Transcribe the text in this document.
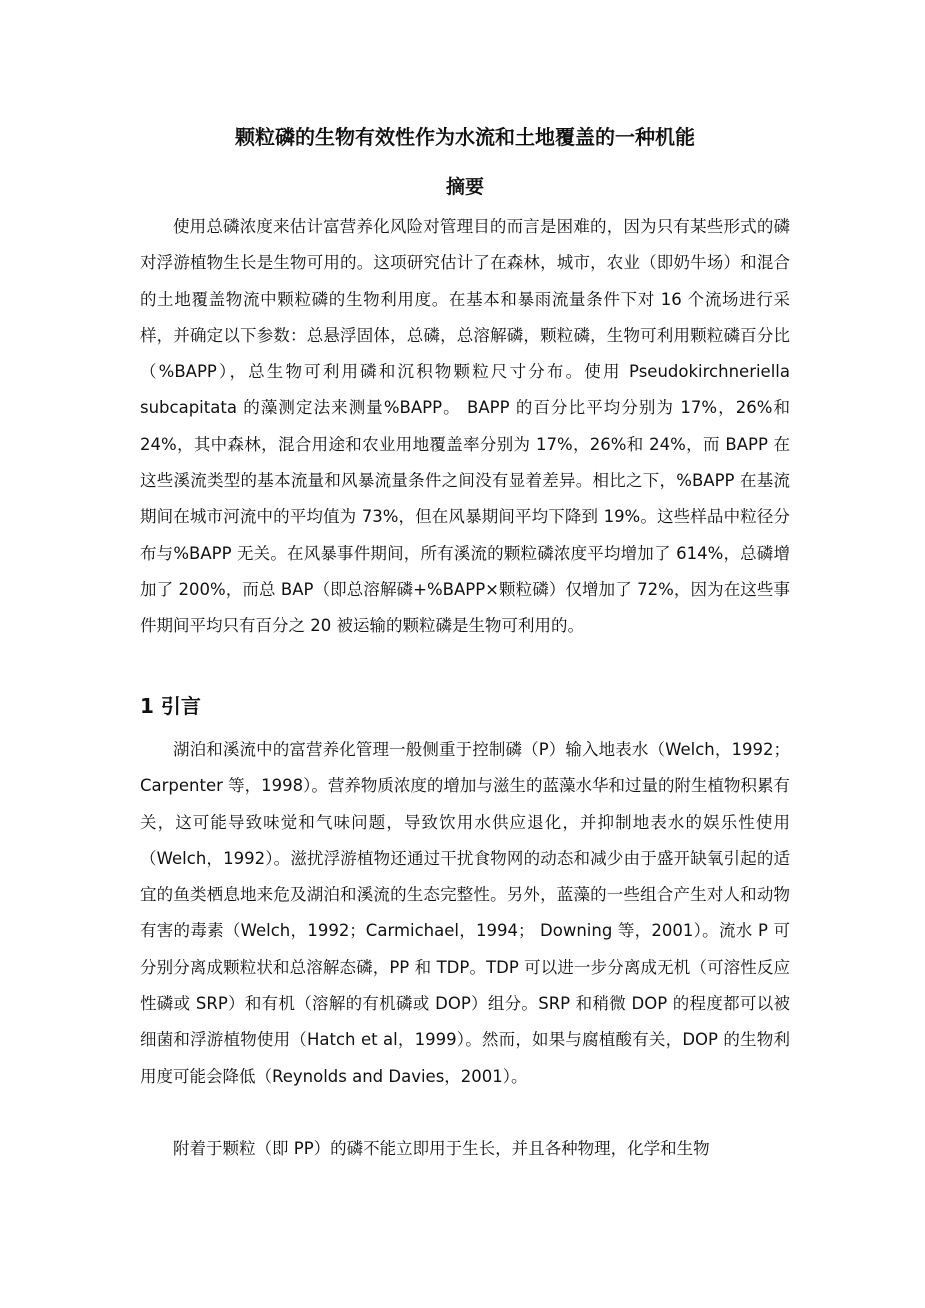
颗粒磷的生物有效性作为水流和土地覆盖的一种机能
摘要

使用总磷浓度来估计富营养化风险对管理目的而言是困难的，因为只有某些形式的磷对浮游植物生长是生物可用的。这项研究估计了在森林，城市，农业（即奶牛场）和混合的土地覆盖物流中颗粒磷的生物利用度。在基本和暴雨流量条件下对 16 个流场进行采样，并确定以下参数：总悬浮固体，总磷，总溶解磷，颗粒磷，生物可利用颗粒磷百分比（%BAPP），总生物可利用磷和沉积物颗粒尺寸分布。使用 Pseudokirchneriella subcapitata 的藻测定法来测量%BAPP。 BAPP 的百分比平均分别为 17%，26%和 24%，其中森林，混合用途和农业用地覆盖率分别为 17%，26%和 24%，而 BAPP 在这些溪流类型的基本流量和风暴流量条件之间没有显着差异。相比之下，%BAPP 在基流期间在城市河流中的平均值为 73%，但在风暴期间平均下降到 19%。这些样品中粒径分布与%BAPP 无关。在风暴事件期间，所有溪流的颗粒磷浓度平均增加了 614%，总磷增加了 200%，而总 BAP（即总溶解磷+%BAPP×颗粒磷）仅增加了 72%，因为在这些事件期间平均只有百分之 20 被运输的颗粒磷是生物可利用的。

1 引言

湖泊和溪流中的富营养化管理一般侧重于控制磷（P）输入地表水（Welch，1992；Carpenter 等，1998）。营养物质浓度的增加与滋生的蓝藻水华和过量的附生植物积累有关，这可能导致味觉和气味问题，导致饮用水供应退化，并抑制地表水的娱乐性使用（Welch，1992）。滋扰浮游植物还通过干扰食物网的动态和减少由于盛开缺氧引起的适宜的鱼类栖息地来危及湖泊和溪流的生态完整性。另外，蓝藻的一些组合产生对人和动物有害的毒素（Welch，1992；Carmichael，1994； Downing 等，2001）。流水 P 可分别分离成颗粒状和总溶解态磷，PP 和 TDP。TDP 可以进一步分离成无机（可溶性反应性磷或 SRP）和有机（溶解的有机磷或 DOP）组分。SRP 和稍微 DOP 的程度都可以被细菌和浮游植物使用（Hatch et al，1999）。然而，如果与腐植酸有关，DOP 的生物利用度可能会降低（Reynolds and Davies，2001）。

附着于颗粒（即 PP）的磷不能立即用于生长，并且各种物理，化学和生物
